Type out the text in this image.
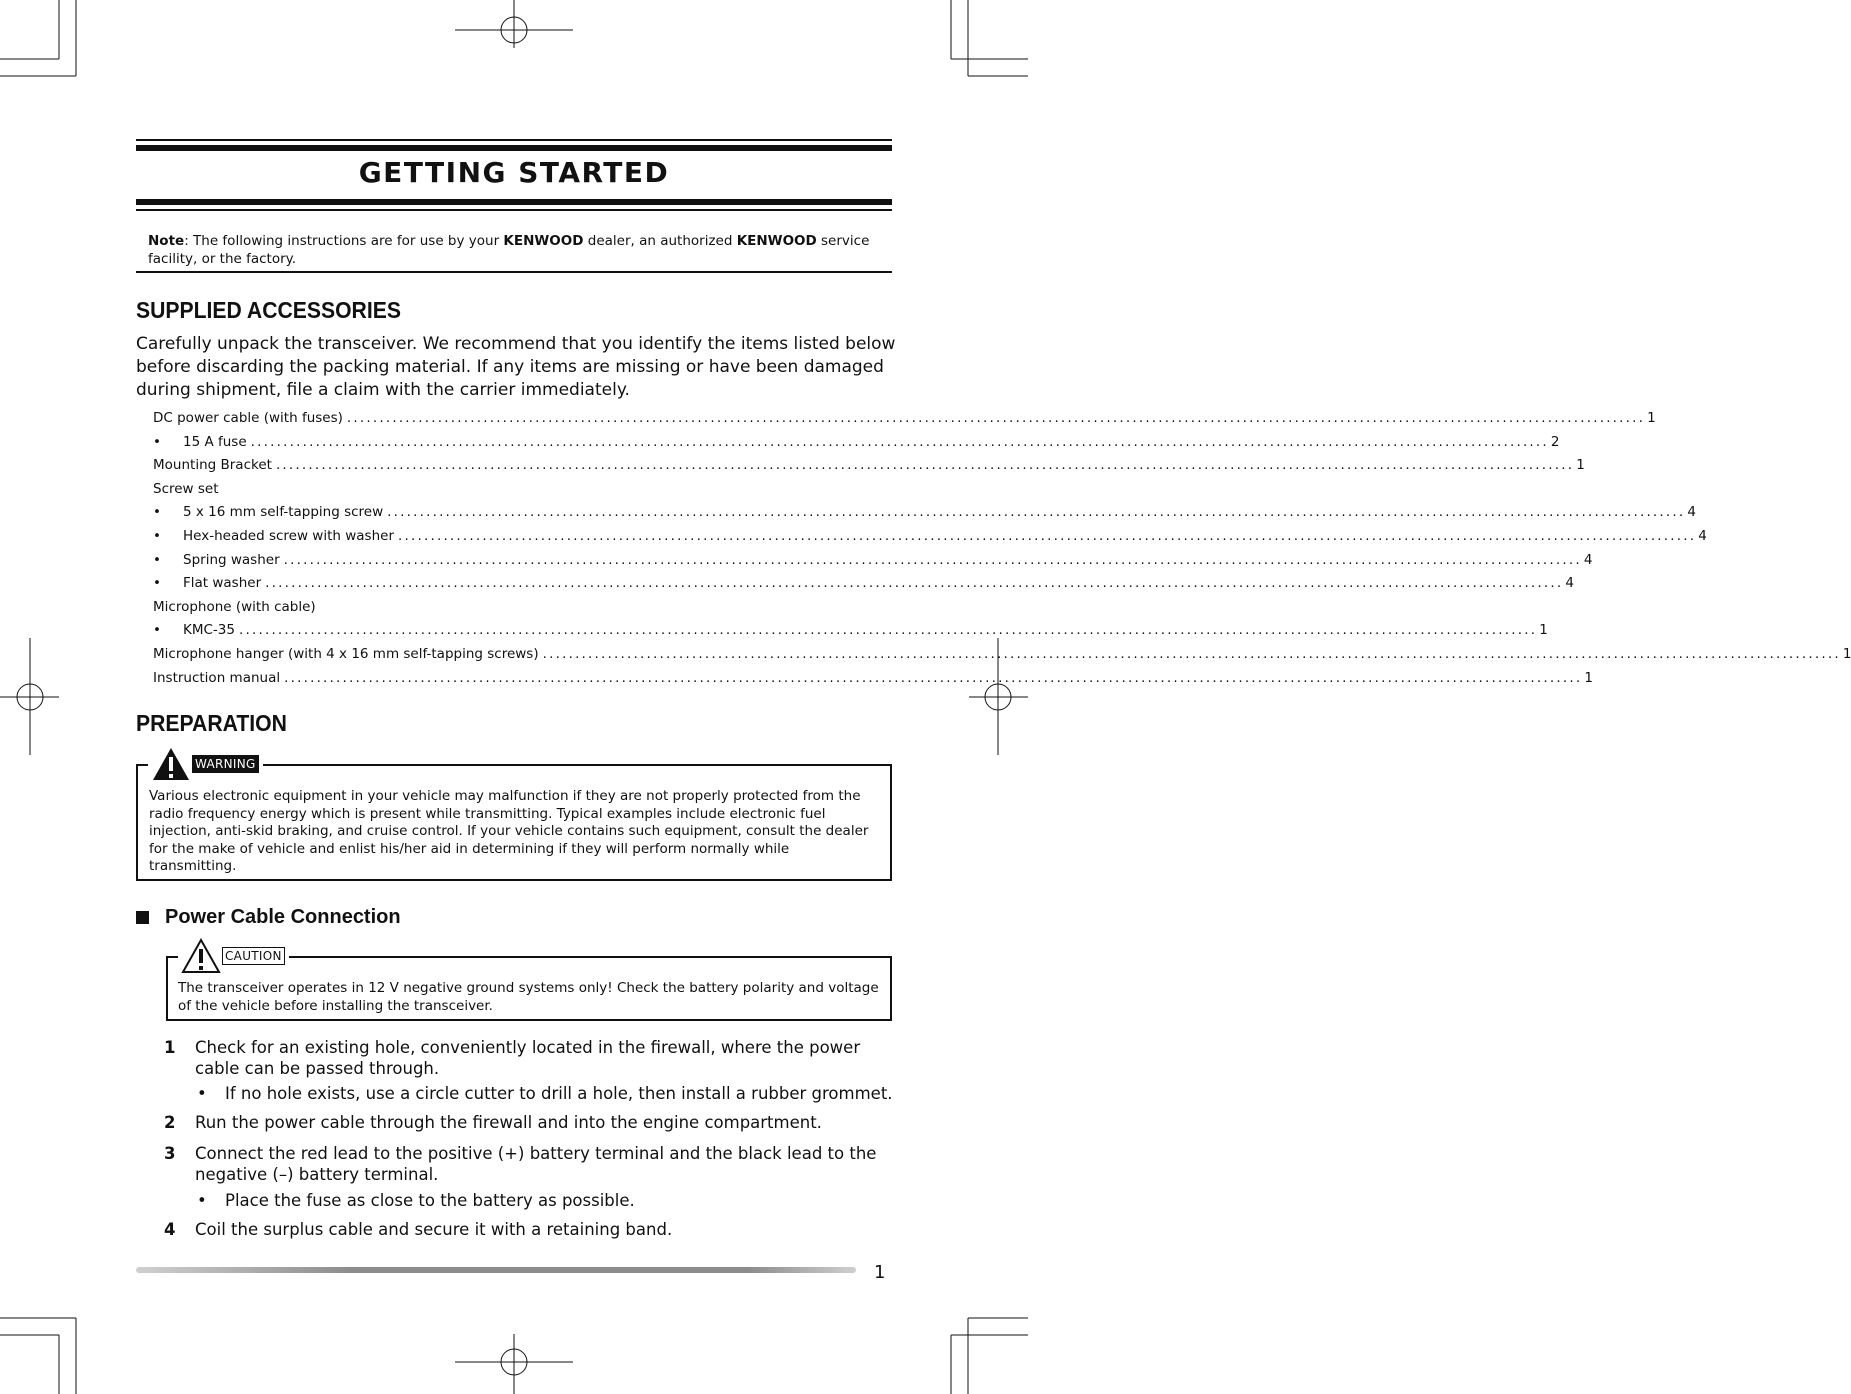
GETTING STARTED
Note: The following instructions are for use by your KENWOOD dealer, an authorized KENWOOD service facility, or the factory.
SUPPLIED ACCESSORIES
Carefully unpack the transceiver. We recommend that you identify the items listed below before discarding the packing material. If any items are missing or have been damaged during shipment, file a claim with the carrier immediately.
DC power cable (with fuses) ........................................................................................................................................................................................................ 1
•	15 A fuse ........................................................................................................................................................................................................ 2
Mounting Bracket ........................................................................................................................................................................................................ 1
Screw set
•	5 x 16 mm self-tapping screw ........................................................................................................................................................................................................ 4
•	Hex-headed screw with washer ........................................................................................................................................................................................................ 4
•	Spring washer ........................................................................................................................................................................................................ 4
•	Flat washer ........................................................................................................................................................................................................ 4
Microphone (with cable)
•	KMC-35 ........................................................................................................................................................................................................ 1
Microphone hanger (with 4 x 16 mm self-tapping screws) ........................................................................................................................................................................................................ 1
Instruction manual ........................................................................................................................................................................................................ 1
PREPARATION
Various electronic equipment in your vehicle may malfunction if they are not properly protected from the radio frequency energy which is present while transmitting. Typical examples include electronic fuel injection, anti-skid braking, and cruise control. If your vehicle contains such equipment, consult the dealer for the make of vehicle and enlist his/her aid in determining if they will perform normally while transmitting.
WARNING
Power Cable Connection
The transceiver operates in 12 V negative ground systems only! Check the battery polarity and voltage of the vehicle before installing the transceiver.
CAUTION
1	Check for an existing hole, conveniently located in the firewall, where the power cable can be passed through.
•	If no hole exists, use a circle cutter to drill a hole, then install a rubber grommet.
2	Run the power cable through the firewall and into the engine compartment.
3	Connect the red lead to the positive (+) battery terminal and the black lead to the negative (–) battery terminal.
•	Place the fuse as close to the battery as possible.
4	Coil the surplus cable and secure it with a retaining band.
1
